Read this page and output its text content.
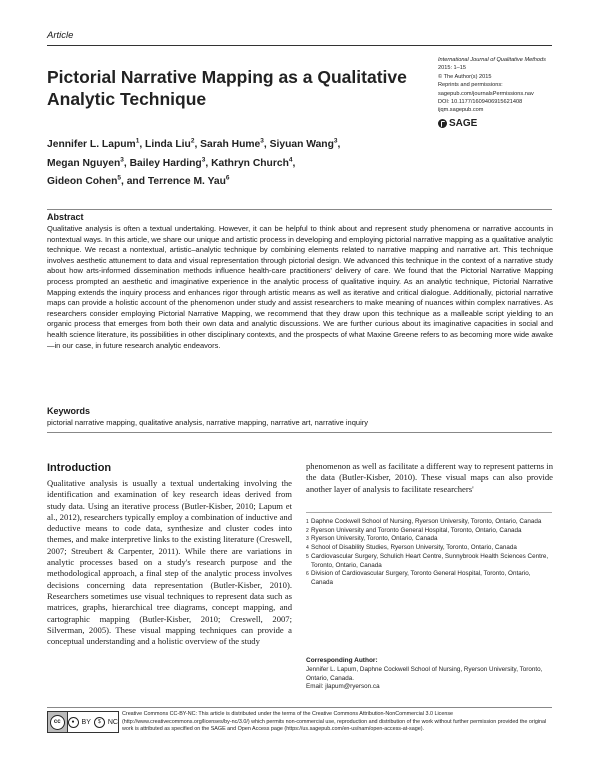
Article
International Journal of Qualitative Methods
2015: 1–15
© The Author(s) 2015
Reprints and permissions:
sagepub.com/journalsPermissions.nav
DOI: 10.1177/1609406915621408
ijqm.sagepub.com
SAGE
Pictorial Narrative Mapping as a Qualitative Analytic Technique
Jennifer L. Lapum$^1$, Linda Liu$^2$, Sarah Hume$^3$, Siyuan Wang$^3$,
Megan Nguyen$^3$, Bailey Harding$^3$, Kathryn Church$^4$,
Gideon Cohen$^5$, and Terrence M. Yau$^6$
Abstract
Qualitative analysis is often a textual undertaking. However, it can be helpful to think about and represent study phenomena or narrative accounts in nontextual ways. In this article, we share our unique and artistic process in developing and employing pictorial narrative mapping as a qualitative analytic technique. We recast a nontextual, artistic–analytic technique by combining elements related to narrative mapping and narrative art. This technique involves aesthetic attunement to data and visual representation through pictorial design. We advanced this technique in the context of a narrative study about how arts-informed dissemination methods influence health-care practitioners' delivery of care. We found that the Pictorial Narrative Mapping process prompted an aesthetic and imaginative experience in the analytic process of qualitative inquiry. As an analytic technique, Pictorial Narrative Mapping extends the inquiry process and enhances rigor through artistic means as well as iterative and critical dialogue. Additionally, pictorial narrative maps can provide a holistic account of the phenomenon under study and assist researchers to make meaning of nuances within complex narratives. As researchers consider employing Pictorial Narrative Mapping, we recommend that they draw upon this technique as a malleable script yielding to an organic process that emerges from both their own data and analytic discussions. We are further curious about its imaginative capacities in social and health science literature, its possibilities in other disciplinary contexts, and the prospects of what Maxine Greene refers to as becoming more wide awake—in our case, in future research analytic endeavors.
Keywords
pictorial narrative mapping, qualitative analysis, narrative mapping, narrative art, narrative inquiry
Introduction
Qualitative analysis is usually a textual undertaking involving the identification and examination of key research ideas derived from study data. Using an iterative process (Butler-Kisber, 2010; Lapum et al., 2012), researchers typically employ a combination of inductive and deductive means to code data, synthesize and cluster codes into themes, and make interpretive links to the existing literature (Creswell, 2007; Streubert & Carpenter, 2011). While there are variations in analytic processes based on a study's research purpose and the methodological approach, a final step of the analytic process involves decisions concerning data representation (Butler-Kisber, 2010). Researchers sometimes use visual techniques to represent data such as matrices, graphs, hierarchical tree diagrams, concept mapping, and cartographic mapping (Butler-Kisber, 2010; Creswell, 2007; Silverman, 2005). These visual mapping techniques can provide a conceptual understanding and a holistic overview of the study
phenomenon as well as facilitate a different way to represent patterns in the data (Butler-Kisber, 2010). These visual maps can also provide another layer of analysis to facilitate researchers'
1 Daphne Cockwell School of Nursing, Ryerson University, Toronto, Ontario, Canada
2 Ryerson University and Toronto General Hospital, Toronto, Ontario, Canada
3 Ryerson University, Toronto, Ontario, Canada
4 School of Disability Studies, Ryerson University, Toronto, Ontario, Canada
5 Cardiovascular Surgery, Schulich Heart Centre, Sunnybrook Health Sciences Centre, Toronto, Ontario, Canada
6 Division of Cardiovascular Surgery, Toronto General Hospital, Toronto, Ontario, Canada
Corresponding Author:
Jennifer L. Lapum, Daphne Cockwell School of Nursing, Ryerson University, Toronto, Ontario, Canada.
Email: jlapum@ryerson.ca
cc	● BY	$	NC
Creative Commons CC-BY-NC: This article is distributed under the terms of the Creative Commons Attribution-NonCommercial 3.0 License (http://www.creativecommons.org/licenses/by-nc/3.0/) which permits non-commercial use, reproduction and distribution of the work without further permission provided the original work is attributed as specified on the SAGE and Open Access page (https://us.sagepub.com/en-us/nam/open-access-at-sage).
